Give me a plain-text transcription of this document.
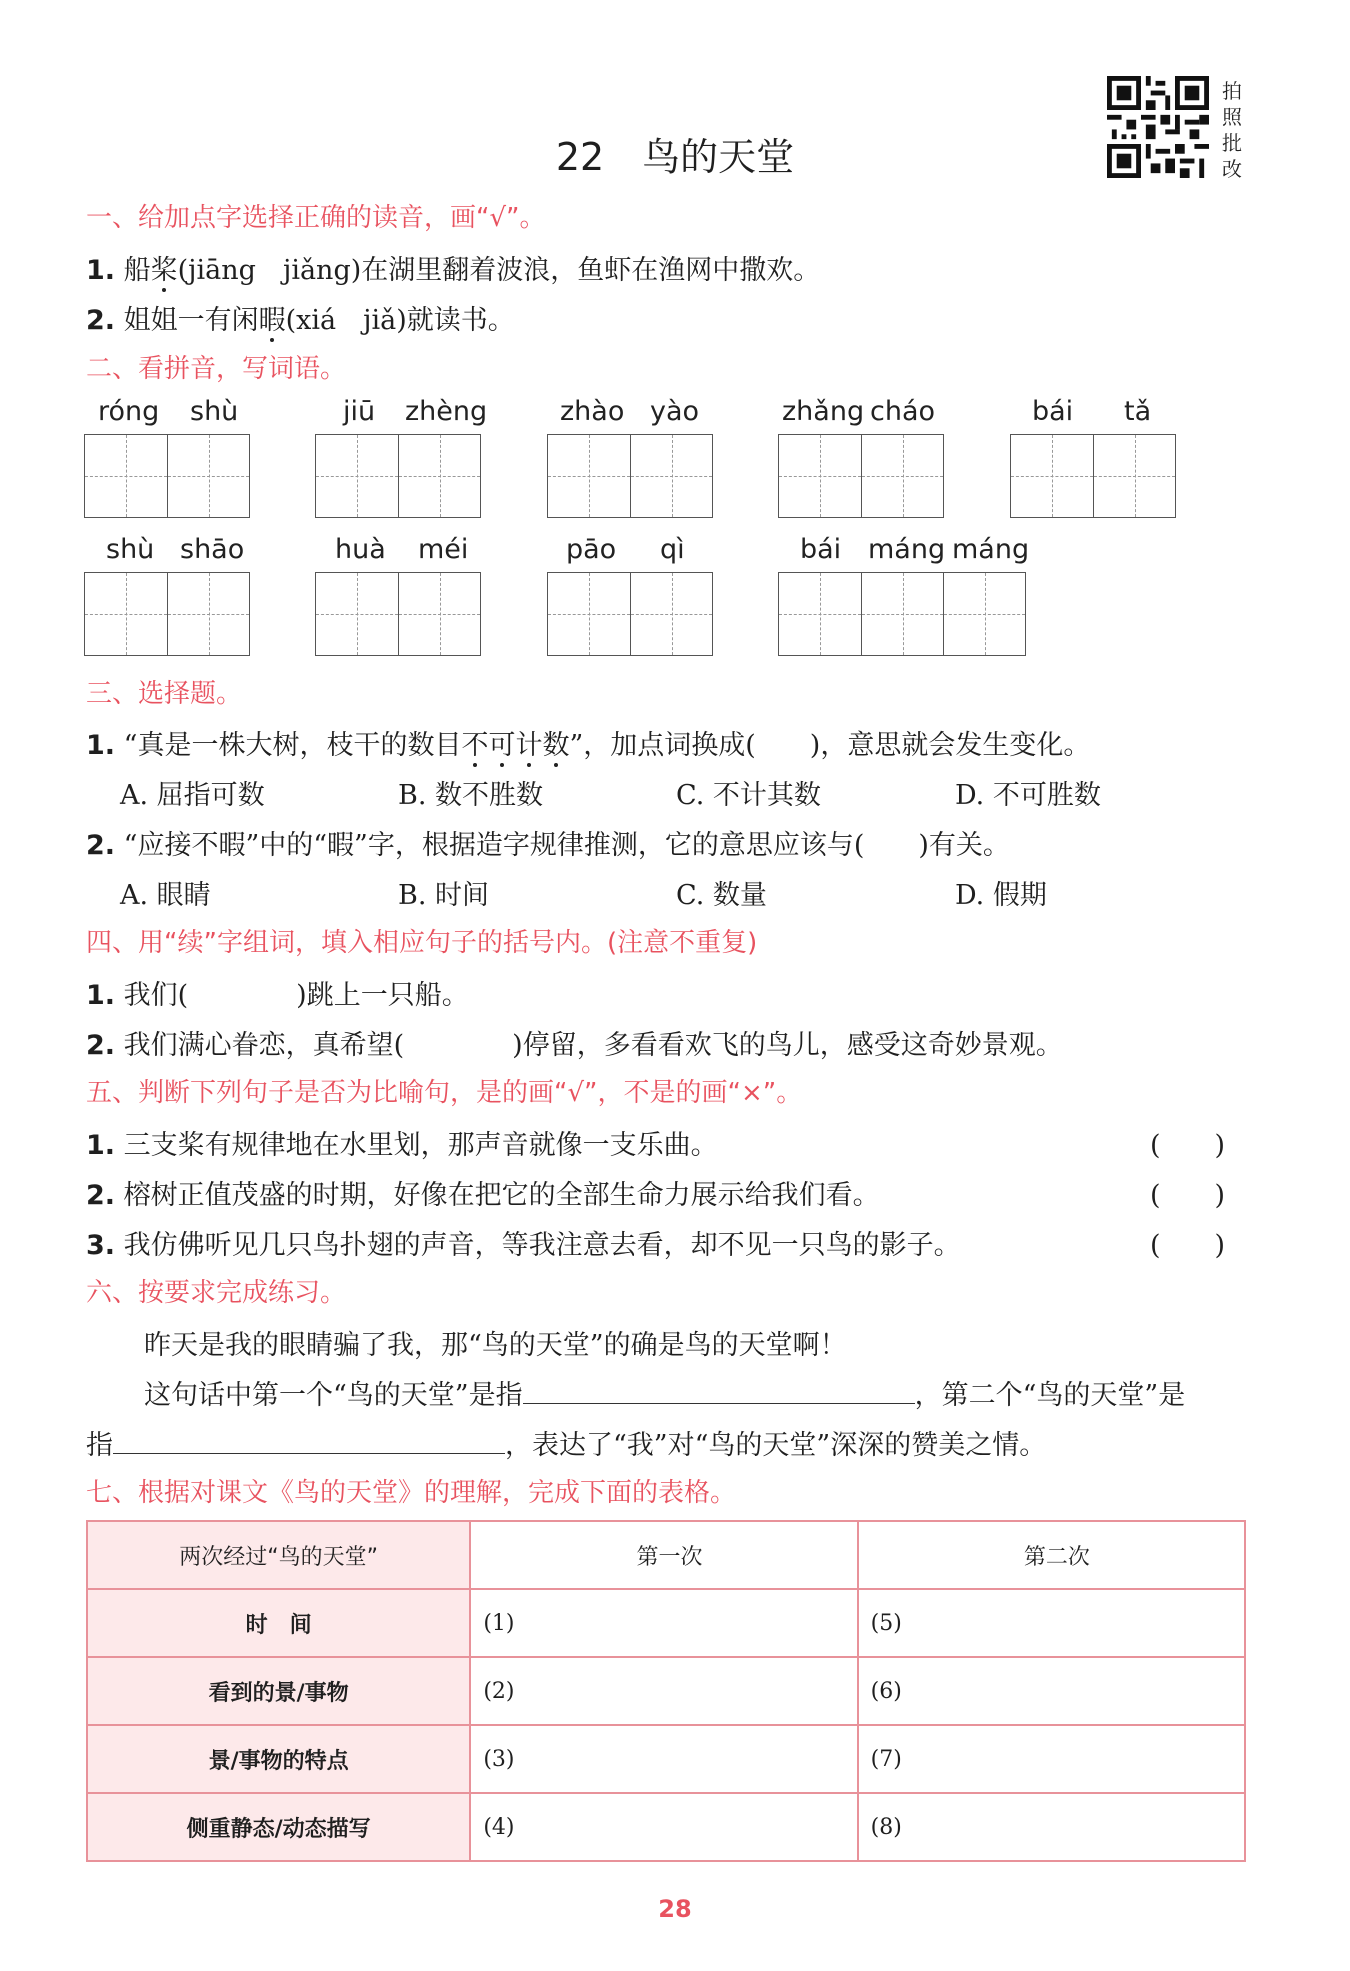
拍
照
批
改
22 鸟的天堂
一、给加点字选择正确的读音，画“√”。
1. 船桨(jiāng　jiǎng)在湖里翻着波浪，鱼虾在渔网中撒欢。
2. 姐姐一有闲暇(xiá　jiǎ)就读书。
二、看拼音，写词语。
róng shù	jiū zhèng	zhào yào	zhǎng cháo	bái tǎ
shù shāo	huà méi	pāo qì	bái máng máng
三、选择题。
1. “真是一株大树，枝干的数目不可计数”，加点词换成(　　)，意思就会发生变化。
A. 屈指可数	B. 数不胜数	C. 不计其数	D. 不可胜数
2. “应接不暇”中的“暇”字，根据造字规律推测，它的意思应该与(　　)有关。
A. 眼睛	B. 时间	C. 数量	D. 假期
四、用“续”字组词，填入相应句子的括号内。(注意不重复)
1. 我们(　　　　)跳上一只船。
2. 我们满心眷恋，真希望(　　　　)停留，多看看欢飞的鸟儿，感受这奇妙景观。
五、判断下列句子是否为比喻句，是的画“√”，不是的画“×”。
1. 三支桨有规律地在水里划，那声音就像一支乐曲。	(　　)
2. 榕树正值茂盛的时期，好像在把它的全部生命力展示给我们看。	(　　)
3. 我仿佛听见几只鸟扑翅的声音，等我注意去看，却不见一只鸟的影子。	(　　)
六、按要求完成练习。
昨天是我的眼睛骗了我，那“鸟的天堂”的确是鸟的天堂啊！
这句话中第一个“鸟的天堂”是指	，第二个“鸟的天堂”是
指	，表达了“我”对“鸟的天堂”深深的赞美之情。
七、根据对课文《鸟的天堂》的理解，完成下面的表格。
两次经过“鸟的天堂”	第一次	第二次
时　间	(1)	(5)
看到的景/事物	(2)	(6)
景/事物的特点	(3)	(7)
侧重静态/动态描写	(4)	(8)
28
